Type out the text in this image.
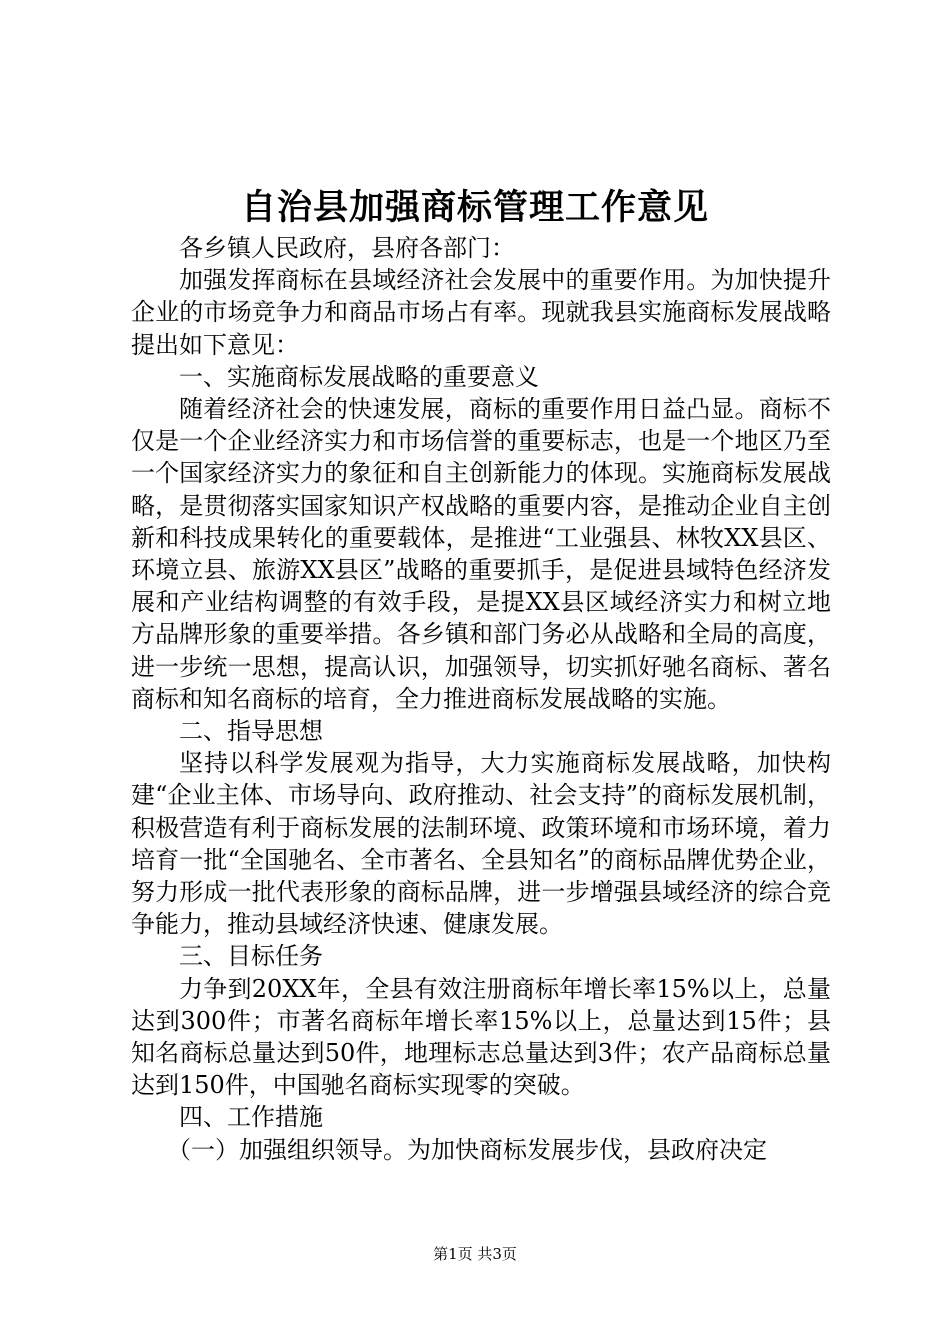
自治县加强商标管理工作意见

各乡镇人民政府，县府各部门：

加强发挥商标在县域经济社会发展中的重要作用。为加快提升企业的市场竞争力和商品市场占有率。现就我县实施商标发展战略提出如下意见：

一、实施商标发展战略的重要意义

随着经济社会的快速发展，商标的重要作用日益凸显。商标不仅是一个企业经济实力和市场信誉的重要标志，也是一个地区乃至一个国家经济实力的象征和自主创新能力的体现。实施商标发展战略，是贯彻落实国家知识产权战略的重要内容，是推动企业自主创新和科技成果转化的重要载体，是推进“工业强县、林牧XX县区、环境立县、旅游XX县区”战略的重要抓手，是促进县域特色经济发展和产业结构调整的有效手段，是提XX县区域经济实力和树立地方品牌形象的重要举措。各乡镇和部门务必从战略和全局的高度，进一步统一思想，提高认识，加强领导，切实抓好驰名商标、著名商标和知名商标的培育，全力推进商标发展战略的实施。

二、指导思想

坚持以科学发展观为指导，大力实施商标发展战略，加快构建“企业主体、市场导向、政府推动、社会支持”的商标发展机制，积极营造有利于商标发展的法制环境、政策环境和市场环境，着力培育一批“全国驰名、全市著名、全县知名”的商标品牌优势企业，努力形成一批代表形象的商标品牌，进一步增强县域经济的综合竞争能力，推动县域经济快速、健康发展。

三、目标任务

力争到20XX年，全县有效注册商标年增长率15%以上，总量达到300件；市著名商标年增长率15%以上，总量达到15件；县知名商标总量达到50件，地理标志总量达到3件；农产品商标总量达到150件，中国驰名商标实现零的突破。

四、工作措施

（一）加强组织领导。为加快商标发展步伐，县政府决定

第1页 共3页
